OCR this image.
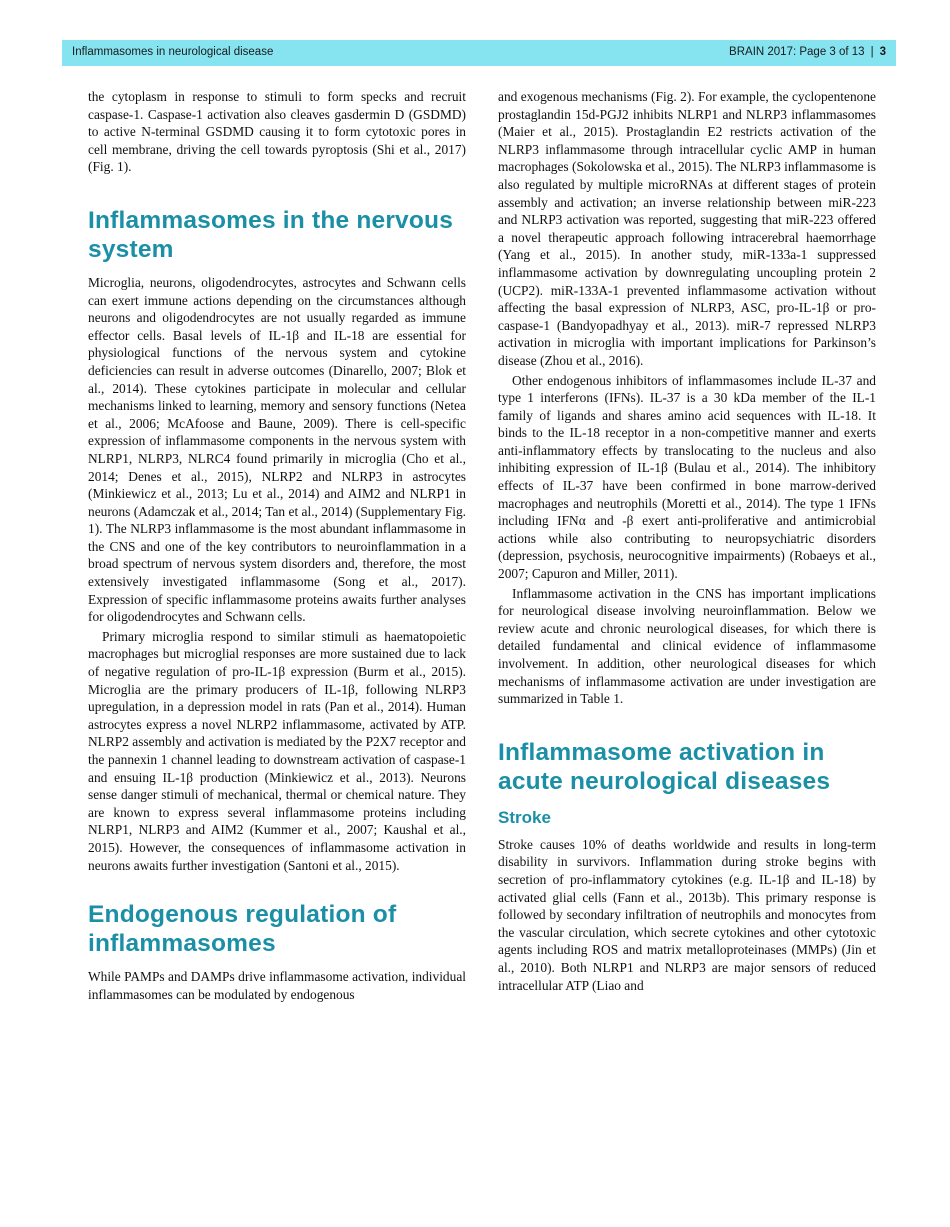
Inflammasomes in neurological disease	BRAIN 2017: Page 3 of 13 | 3

the cytoplasm in response to stimuli to form specks and recruit caspase-1. Caspase-1 activation also cleaves gasdermin D (GSDMD) to active N-terminal GSDMD causing it to form cytotoxic pores in cell membrane, driving the cell towards pyroptosis (Shi et al., 2017) (Fig. 1).

Inflammasomes in the nervous system

Microglia, neurons, oligodendrocytes, astrocytes and Schwann cells can exert immune actions depending on the circumstances although neurons and oligodendrocytes are not usually regarded as immune effector cells. Basal levels of IL-1β and IL-18 are essential for physiological functions of the nervous system and cytokine deficiencies can result in adverse outcomes (Dinarello, 2007; Blok et al., 2014). These cytokines participate in molecular and cellular mechanisms linked to learning, memory and sensory functions (Netea et al., 2006; McAfoose and Baune, 2009). There is cell-specific expression of inflammasome components in the nervous system with NLRP1, NLRP3, NLRC4 found primarily in microglia (Cho et al., 2014; Denes et al., 2015), NLRP2 and NLRP3 in astrocytes (Minkiewicz et al., 2013; Lu et al., 2014) and AIM2 and NLRP1 in neurons (Adamczak et al., 2014; Tan et al., 2014) (Supplementary Fig. 1). The NLRP3 inflammasome is the most abundant inflammasome in the CNS and one of the key contributors to neuroinflammation in a broad spectrum of nervous system disorders and, therefore, the most extensively investigated inflammasome (Song et al., 2017). Expression of specific inflammasome proteins awaits further analyses for oligodendrocytes and Schwann cells.

Primary microglia respond to similar stimuli as haematopoietic macrophages but microglial responses are more sustained due to lack of negative regulation of pro-IL-1β expression (Burm et al., 2015). Microglia are the primary producers of IL-1β, following NLRP3 upregulation, in a depression model in rats (Pan et al., 2014). Human astrocytes express a novel NLRP2 inflammasome, activated by ATP. NLRP2 assembly and activation is mediated by the P2X7 receptor and the pannexin 1 channel leading to downstream activation of caspase-1 and ensuing IL-1β production (Minkiewicz et al., 2013). Neurons sense danger stimuli of mechanical, thermal or chemical nature. They are known to express several inflammasome proteins including NLRP1, NLRP3 and AIM2 (Kummer et al., 2007; Kaushal et al., 2015). However, the consequences of inflammasome activation in neurons awaits further investigation (Santoni et al., 2015).

Endogenous regulation of inflammasomes

While PAMPs and DAMPs drive inflammasome activation, individual inflammasomes can be modulated by endogenous

and exogenous mechanisms (Fig. 2). For example, the cyclopentenone prostaglandin 15d-PGJ2 inhibits NLRP1 and NLRP3 inflammasomes (Maier et al., 2015). Prostaglandin E2 restricts activation of the NLRP3 inflammasome through intracellular cyclic AMP in human macrophages (Sokolowska et al., 2015). The NLRP3 inflammasome is also regulated by multiple microRNAs at different stages of protein assembly and activation; an inverse relationship between miR-223 and NLRP3 activation was reported, suggesting that miR-223 offered a novel therapeutic approach following intracerebral haemorrhage (Yang et al., 2015). In another study, miR-133a-1 suppressed inflammasome activation by downregulating uncoupling protein 2 (UCP2). miR-133A-1 prevented inflammasome activation without affecting the basal expression of NLRP3, ASC, pro-IL-1β or pro-caspase-1 (Bandyopadhyay et al., 2013). miR-7 repressed NLRP3 activation in microglia with important implications for Parkinson’s disease (Zhou et al., 2016).

Other endogenous inhibitors of inflammasomes include IL-37 and type 1 interferons (IFNs). IL-37 is a 30 kDa member of the IL-1 family of ligands and shares amino acid sequences with IL-18. It binds to the IL-18 receptor in a non-competitive manner and exerts anti-inflammatory effects by translocating to the nucleus and also inhibiting expression of IL-1β (Bulau et al., 2014). The inhibitory effects of IL-37 have been confirmed in bone marrow-derived macrophages and neutrophils (Moretti et al., 2014). The type 1 IFNs including IFNα and -β exert anti-proliferative and antimicrobial actions while also contributing to neuropsychiatric disorders (depression, psychosis, neurocognitive impairments) (Robaeys et al., 2007; Capuron and Miller, 2011).

Inflammasome activation in the CNS has important implications for neurological disease involving neuroinflammation. Below we review acute and chronic neurological diseases, for which there is detailed fundamental and clinical evidence of inflammasome involvement. In addition, other neurological diseases for which mechanisms of inflammasome activation are under investigation are summarized in Table 1.

Inflammasome activation in acute neurological diseases
Stroke

Stroke causes 10% of deaths worldwide and results in long-term disability in survivors. Inflammation during stroke begins with secretion of pro-inflammatory cytokines (e.g. IL-1β and IL-18) by activated glial cells (Fann et al., 2013b). This primary response is followed by secondary infiltration of neutrophils and monocytes from the vascular circulation, which secrete cytokines and other cytotoxic agents including ROS and matrix metalloproteinases (MMPs) (Jin et al., 2010). Both NLRP1 and NLRP3 are major sensors of reduced intracellular ATP (Liao and
